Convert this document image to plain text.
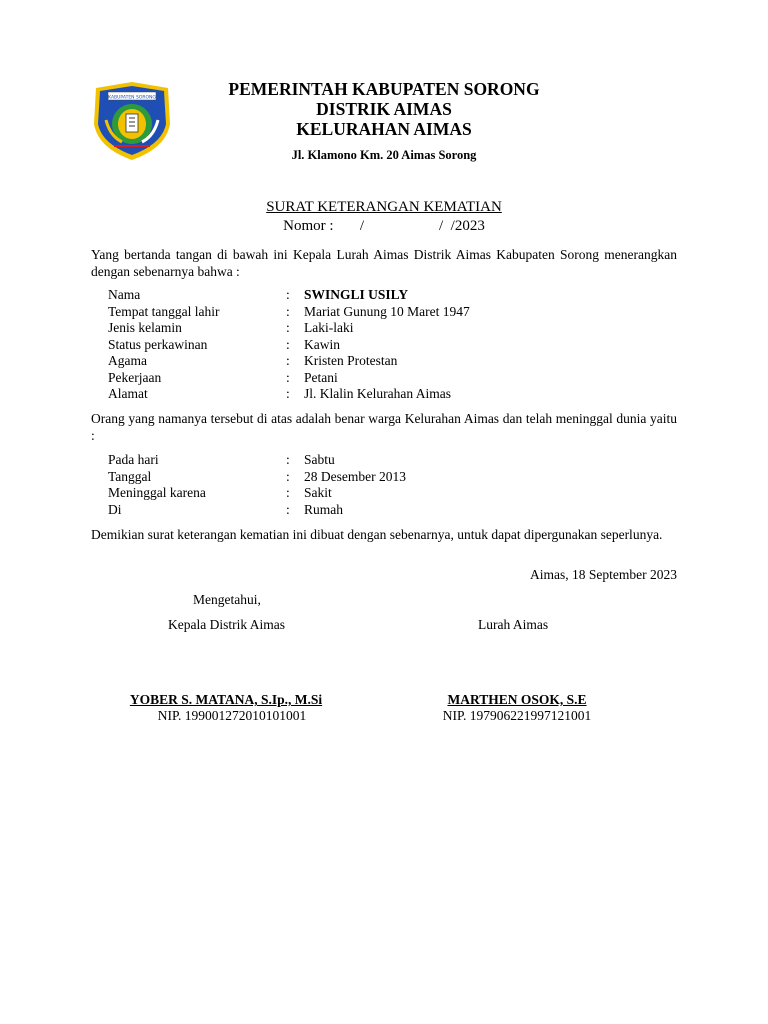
KABUPATEN SORONG	PEMERINTAH KABUPATEN SORONG
DISTRIK AIMAS
KELURAHAN AIMAS
Jl. Klamono Km. 20 Aimas Sorong
SURAT KETERANGAN KEMATIAN
Nomor :       /                    /  /2023
Yang bertanda tangan di bawah ini Kepala Lurah Aimas Distrik Aimas Kabupaten Sorong menerangkan dengan sebenarnya bahwa :
Nama	: SWINGLI USILY
Tempat tanggal lahir	: Mariat Gunung 10 Maret 1947
Jenis kelamin	: Laki-laki
Status perkawinan	: Kawin
Agama	: Kristen Protestan
Pekerjaan	: Petani
Alamat	: Jl. Klalin Kelurahan Aimas
Orang yang namanya tersebut di atas adalah benar warga Kelurahan Aimas dan telah meninggal dunia yaitu :
Pada hari	: Sabtu
Tanggal	: 28 Desember 2013
Meninggal karena	: Sakit
Di	: Rumah
Demikian surat keterangan kematian ini dibuat dengan sebenarnya, untuk dapat dipergunakan seperlunya.
Aimas, 18 September 2023
Mengetahui,
Kepala Distrik Aimas	Lurah Aimas
YOBER S. MATANA, S.Ip., M.Si
NIP. 199001272010101001
MARTHEN OSOK, S.E
NIP. 197906221997121001
